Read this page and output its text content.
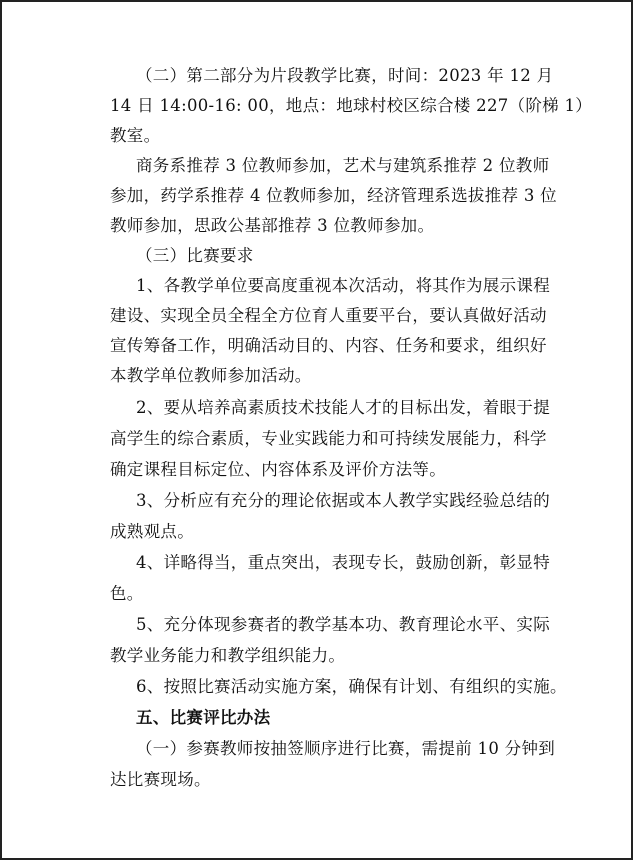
（二）第二部分为片段教学比赛，时间：2023 年 12 月
14 日 14:00-16: 00，地点：地球村校区综合楼 227（阶梯 1）
教室。
商务系推荐 3 位教师参加，艺术与建筑系推荐 2 位教师
参加，药学系推荐 4 位教师参加，经济管理系选拔推荐 3 位
教师参加，思政公基部推荐 3 位教师参加。
（三）比赛要求
1、各教学单位要高度重视本次活动，将其作为展示课程
建设、实现全员全程全方位育人重要平台，要认真做好活动
宣传筹备工作，明确活动目的、内容、任务和要求，组织好
本教学单位教师参加活动。
2、要从培养高素质技术技能人才的目标出发，着眼于提
高学生的综合素质，专业实践能力和可持续发展能力，科学
确定课程目标定位、内容体系及评价方法等。
3、分析应有充分的理论依据或本人教学实践经验总结的
成熟观点。
4、详略得当，重点突出，表现专长，鼓励创新，彰显特
色。
5、充分体现参赛者的教学基本功、教育理论水平、实际
教学业务能力和教学组织能力。
6、按照比赛活动实施方案，确保有计划、有组织的实施。
五、比赛评比办法
（一）参赛教师按抽签顺序进行比赛，需提前 10 分钟到
达比赛现场。
